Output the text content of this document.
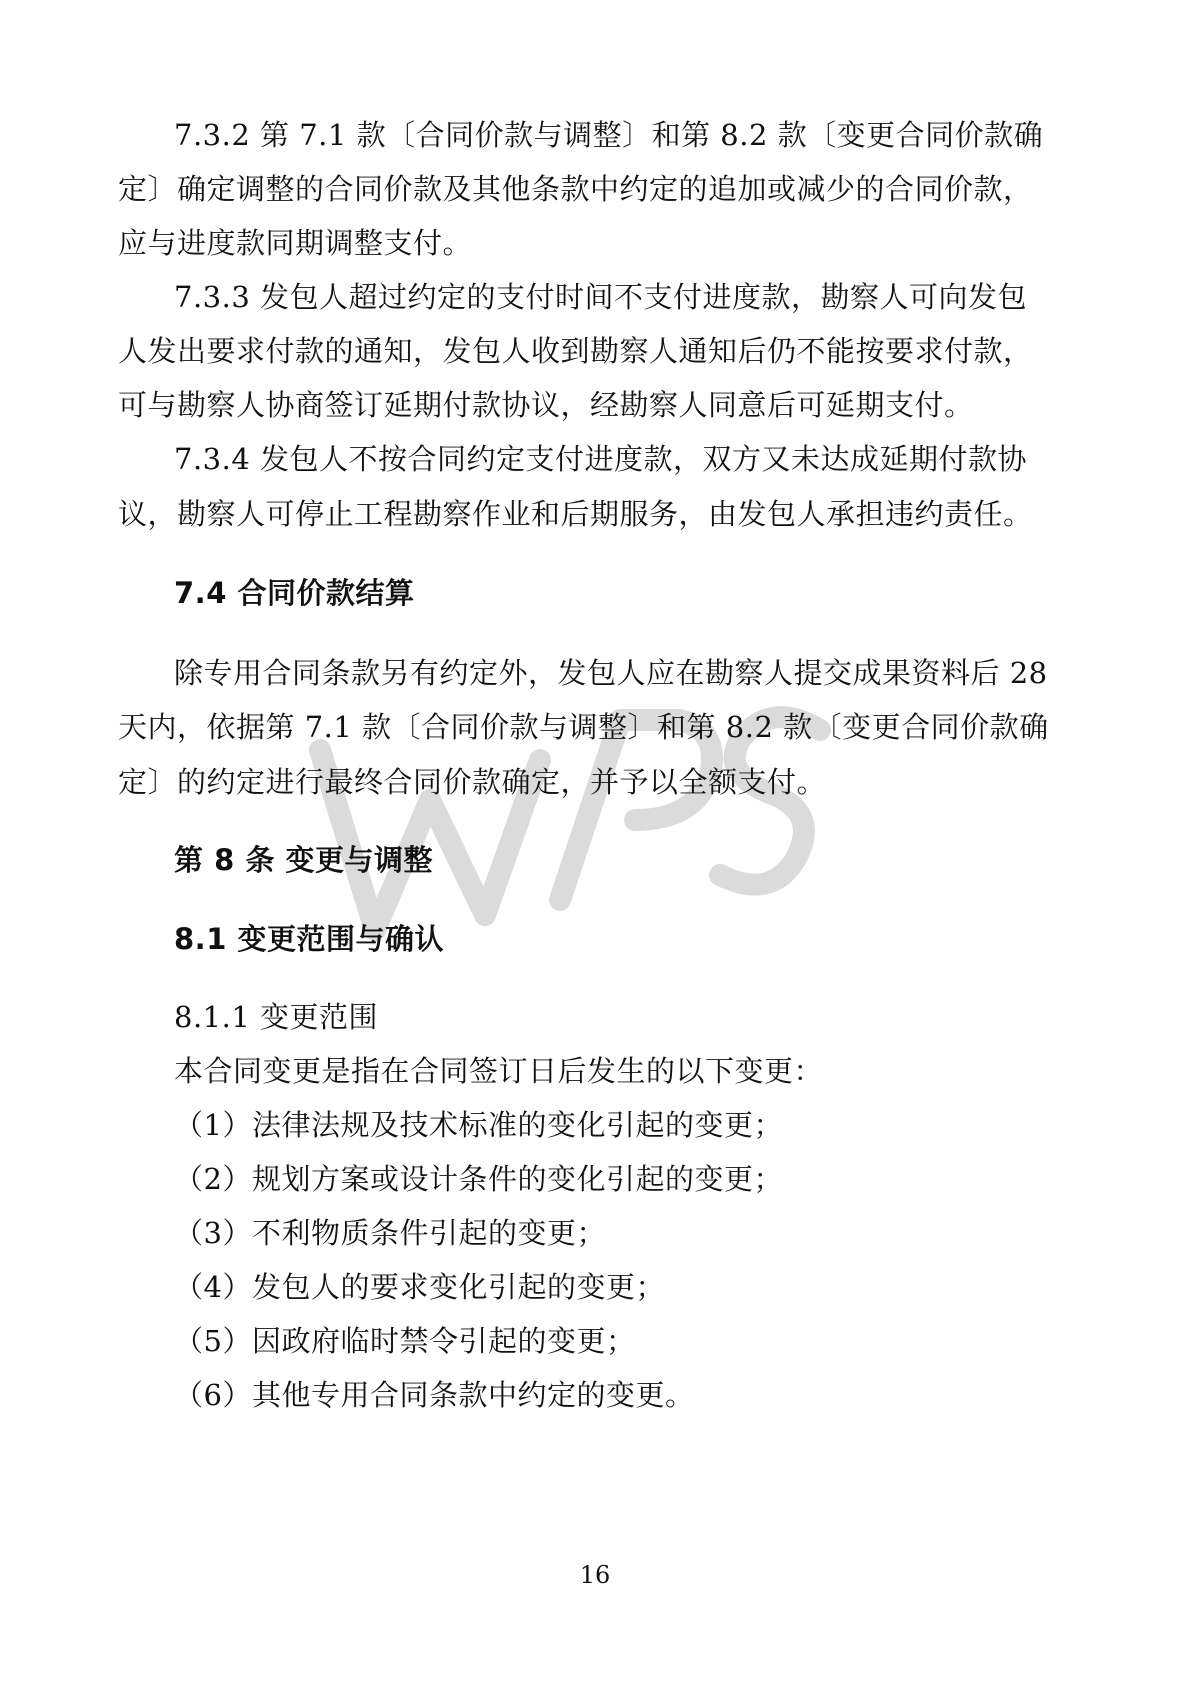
7.3.2 第 7.1 款〔合同价款与调整〕和第 8.2 款〔变更合同价款确
定〕确定调整的合同价款及其他条款中约定的追加或减少的合同价款，
应与进度款同期调整支付。
7.3.3 发包人超过约定的支付时间不支付进度款，勘察人可向发包
人发出要求付款的通知，发包人收到勘察人通知后仍不能按要求付款，
可与勘察人协商签订延期付款协议，经勘察人同意后可延期支付。
7.3.4 发包人不按合同约定支付进度款，双方又未达成延期付款协
议，勘察人可停止工程勘察作业和后期服务，由发包人承担违约责任。
7.4 合同价款结算
除专用合同条款另有约定外，发包人应在勘察人提交成果资料后 28
天内，依据第 7.1 款〔合同价款与调整〕和第 8.2 款〔变更合同价款确
定〕的约定进行最终合同价款确定，并予以全额支付。
第 8 条 变更与调整
8.1 变更范围与确认
8.1.1 变更范围
本合同变更是指在合同签订日后发生的以下变更：
（1）法律法规及技术标准的变化引起的变更；
（2）规划方案或设计条件的变化引起的变更；
（3）不利物质条件引起的变更；
（4）发包人的要求变化引起的变更；
（5）因政府临时禁令引起的变更；
（6）其他专用合同条款中约定的变更。
16
